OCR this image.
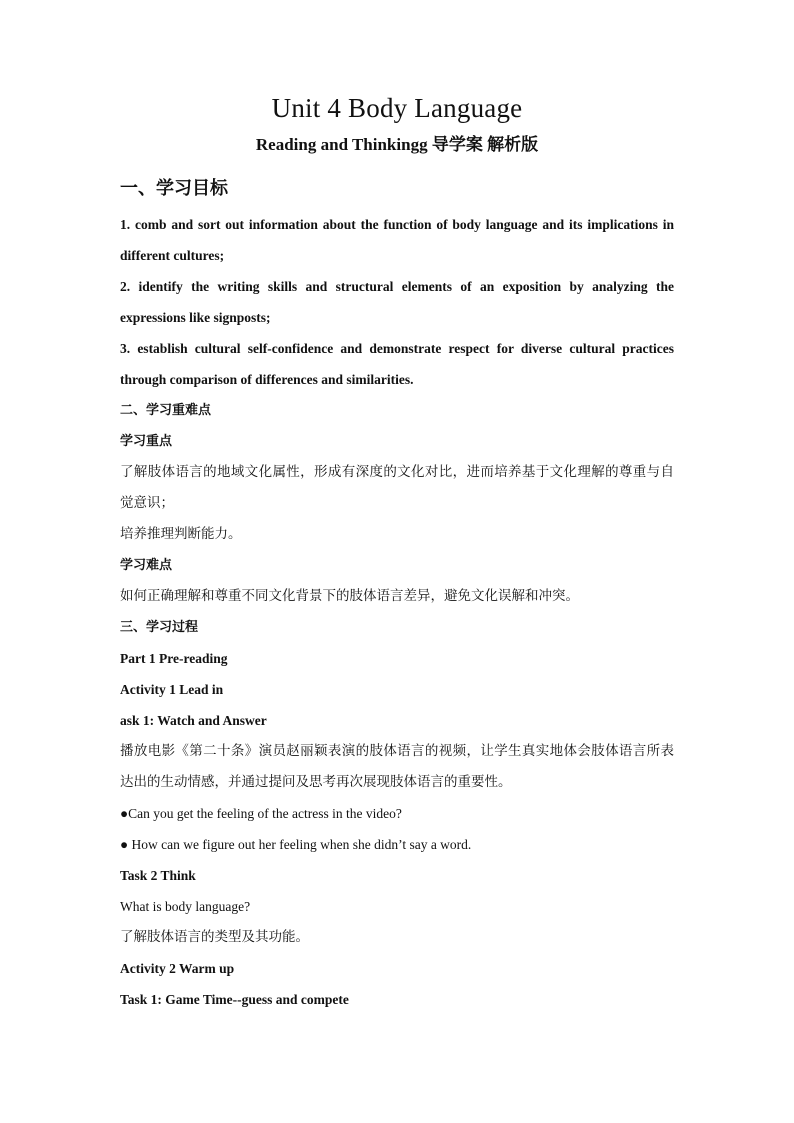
Unit 4 Body Language
Reading and Thinkingg 导学案 解析版
一、学习目标

1. comb and sort out information about the function of body language and its implications in

different cultures;

2. identify the writing skills and structural elements of an exposition by analyzing the

expressions like signposts;

3. establish cultural self-confidence and demonstrate respect for diverse cultural practices

through comparison of differences and similarities.

二、学习重难点

学习重点

了解肢体语言的地域文化属性，形成有深度的文化对比，进而培养基于文化理解的尊重与自

觉意识；

培养推理判断能力。

学习难点

如何正确理解和尊重不同文化背景下的肢体语言差异，避免文化误解和冲突。

三、学习过程

Part 1 Pre-reading

Activity 1 Lead in

ask 1: Watch and Answer

播放电影《第二十条》演员赵丽颖表演的肢体语言的视频，让学生真实地体会肢体语言所表

达出的生动情感，并通过提问及思考再次展现肢体语言的重要性。

●Can you get the feeling of the actress in the video?

● How can we figure out her feeling when she didn’t say a word.

Task 2 Think

What is body language?

了解肢体语言的类型及其功能。

Activity 2 Warm up

Task 1: Game Time--guess and compete
